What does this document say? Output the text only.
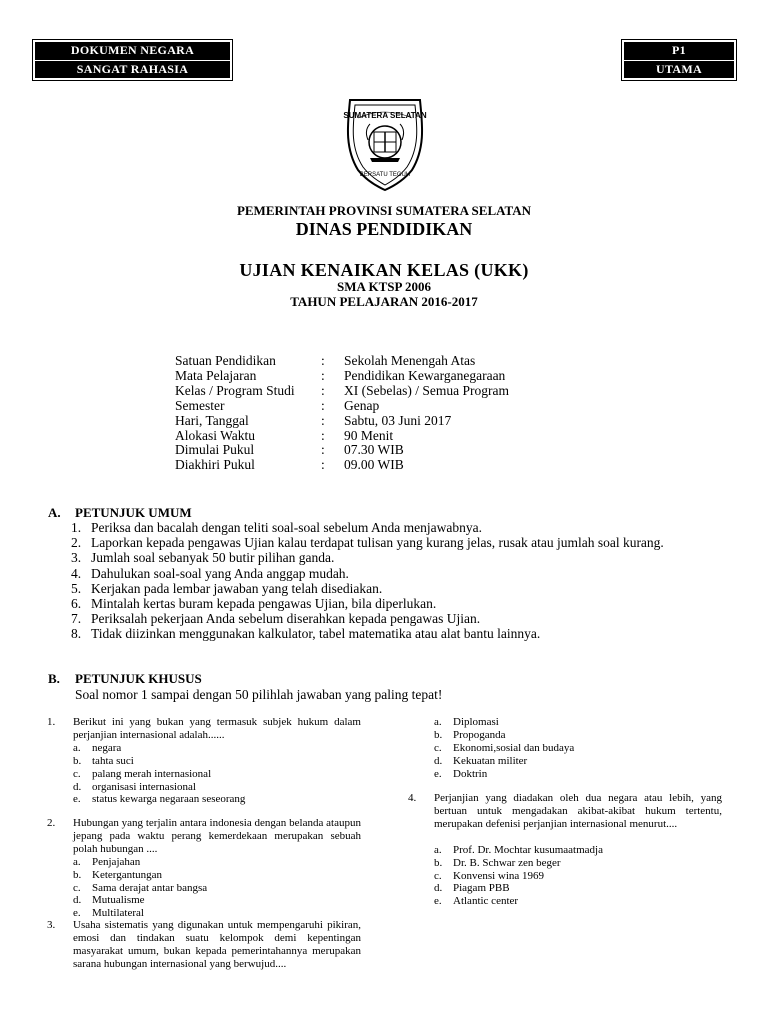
DOKUMEN NEGARA
SANGAT RAHASIA
P1
UTAMA
SUMATERA SELATAN
BERSATU TEGUH
PEMERINTAH PROVINSI SUMATERA SELATAN
DINAS PENDIDIKAN
UJIAN KENAIKAN KELAS (UKK)
SMA KTSP 2006
TAHUN PELAJARAN 2016-2017
Satuan Pendidikan	:	Sekolah Menengah Atas
Mata Pelajaran	:	Pendidikan Kewarganegaraan
Kelas / Program Studi	:	XI (Sebelas) / Semua Program
Semester	:	Genap
Hari, Tanggal	:	Sabtu, 03 Juni 2017
Alokasi Waktu	:	90 Menit
Dimulai Pukul	:	07.30 WIB
Diakhiri Pukul	:	09.00 WIB
A. PETUNJUK UMUM
1. Periksa dan bacalah dengan teliti soal-soal sebelum Anda menjawabnya.
2. Laporkan kepada pengawas Ujian kalau terdapat tulisan yang kurang jelas, rusak atau jumlah soal kurang.
3. Jumlah soal sebanyak 50 butir pilihan ganda.
4. Dahulukan soal-soal yang Anda anggap mudah.
5. Kerjakan pada lembar jawaban yang telah disediakan.
6. Mintalah kertas buram kepada pengawas Ujian, bila diperlukan.
7. Periksalah pekerjaan Anda sebelum diserahkan kepada pengawas Ujian.
8. Tidak diizinkan menggunakan kalkulator, tabel matematika atau alat bantu lainnya.
B. PETUNJUK KHUSUS
Soal nomor 1 sampai dengan 50 pilihlah jawaban yang paling tepat!
1.	Berikut ini yang bukan yang termasuk subjek hukum dalam perjanjian internasional adalah......
a.	negara
b. tahta suci
c.	palang merah internasional
d. organisasi internasional
e.	status kewarga negaraan seseorang
2.	Hubungan yang terjalin antara indonesia dengan belanda ataupun jepang pada waktu perang kemerdekaan merupakan sebuah polah hubungan ....
a.	Penjajahan
b. Ketergantungan
c.	Sama derajat antar bangsa
d. Mutualisme
e.	Multilateral
3.	Usaha sistematis yang digunakan untuk mempengaruhi pikiran, emosi dan tindakan suatu kelompok demi kepentingan masyarakat umum, bukan kepada pemerintahannya merupakan sarana hubungan internasional yang berwujud....
a.	Diplomasi
b. Propoganda
c.	Ekonomi,sosial dan budaya
d. Kekuatan militer
e.	Doktrin
4.	Perjanjian yang diadakan oleh dua negara atau lebih, yang bertuan untuk mengadakan akibat-akibat hukum tertentu, merupakan defenisi perjanjian internasional menurut....
a.	Prof. Dr. Mochtar kusumaatmadja
b. Dr. B. Schwar zen beger
c.	Konvensi wina 1969
d. Piagam PBB
e.	Atlantic center
